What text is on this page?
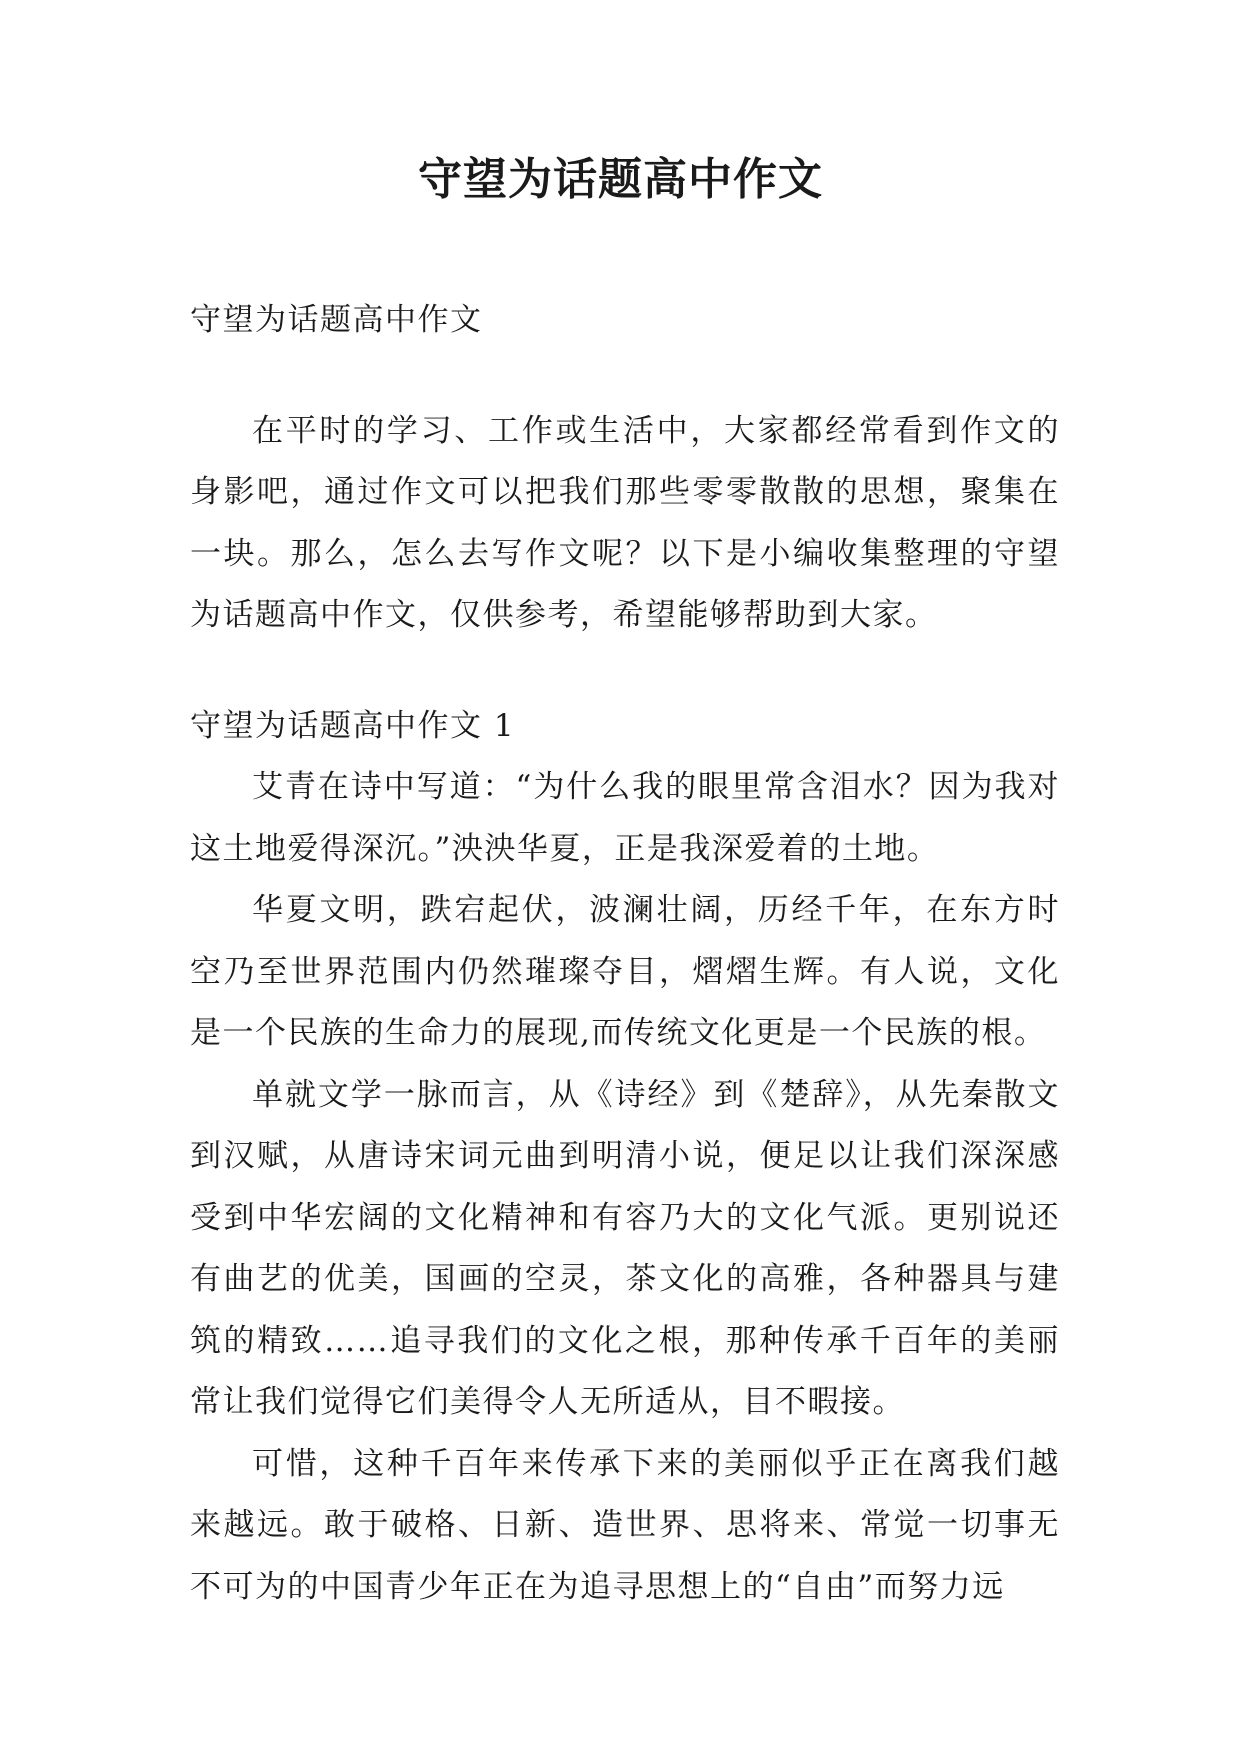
守望为话题高中作文

守望为话题高中作文

在平时的学习、工作或生活中，大家都经常看到作文的身影吧，通过作文可以把我们那些零零散散的思想，聚集在一块。那么，怎么去写作文呢？以下是小编收集整理的守望为话题高中作文，仅供参考，希望能够帮助到大家。

守望为话题高中作文 1

艾青在诗中写道：“为什么我的眼里常含泪水？因为我对这土地爱得深沉。”泱泱华夏，正是我深爱着的土地。

华夏文明，跌宕起伏，波澜壮阔，历经千年，在东方时空乃至世界范围内仍然璀璨夺目，熠熠生辉。有人说，文化是一个民族的生命力的展现,而传统文化更是一个民族的根。

单就文学一脉而言，从《诗经》到《楚辞》，从先秦散文到汉赋，从唐诗宋词元曲到明清小说，便足以让我们深深感受到中华宏阔的文化精神和有容乃大的文化气派。更别说还有曲艺的优美，国画的空灵，茶文化的高雅，各种器具与建筑的精致……追寻我们的文化之根，那种传承千百年的美丽常让我们觉得它们美得令人无所适从，目不暇接。

可惜，这种千百年来传承下来的美丽似乎正在离我们越来越远。敢于破格、日新、造世界、思将来、常觉一切事无不可为的中国青少年正在为追寻思想上的“自由”而努力远
